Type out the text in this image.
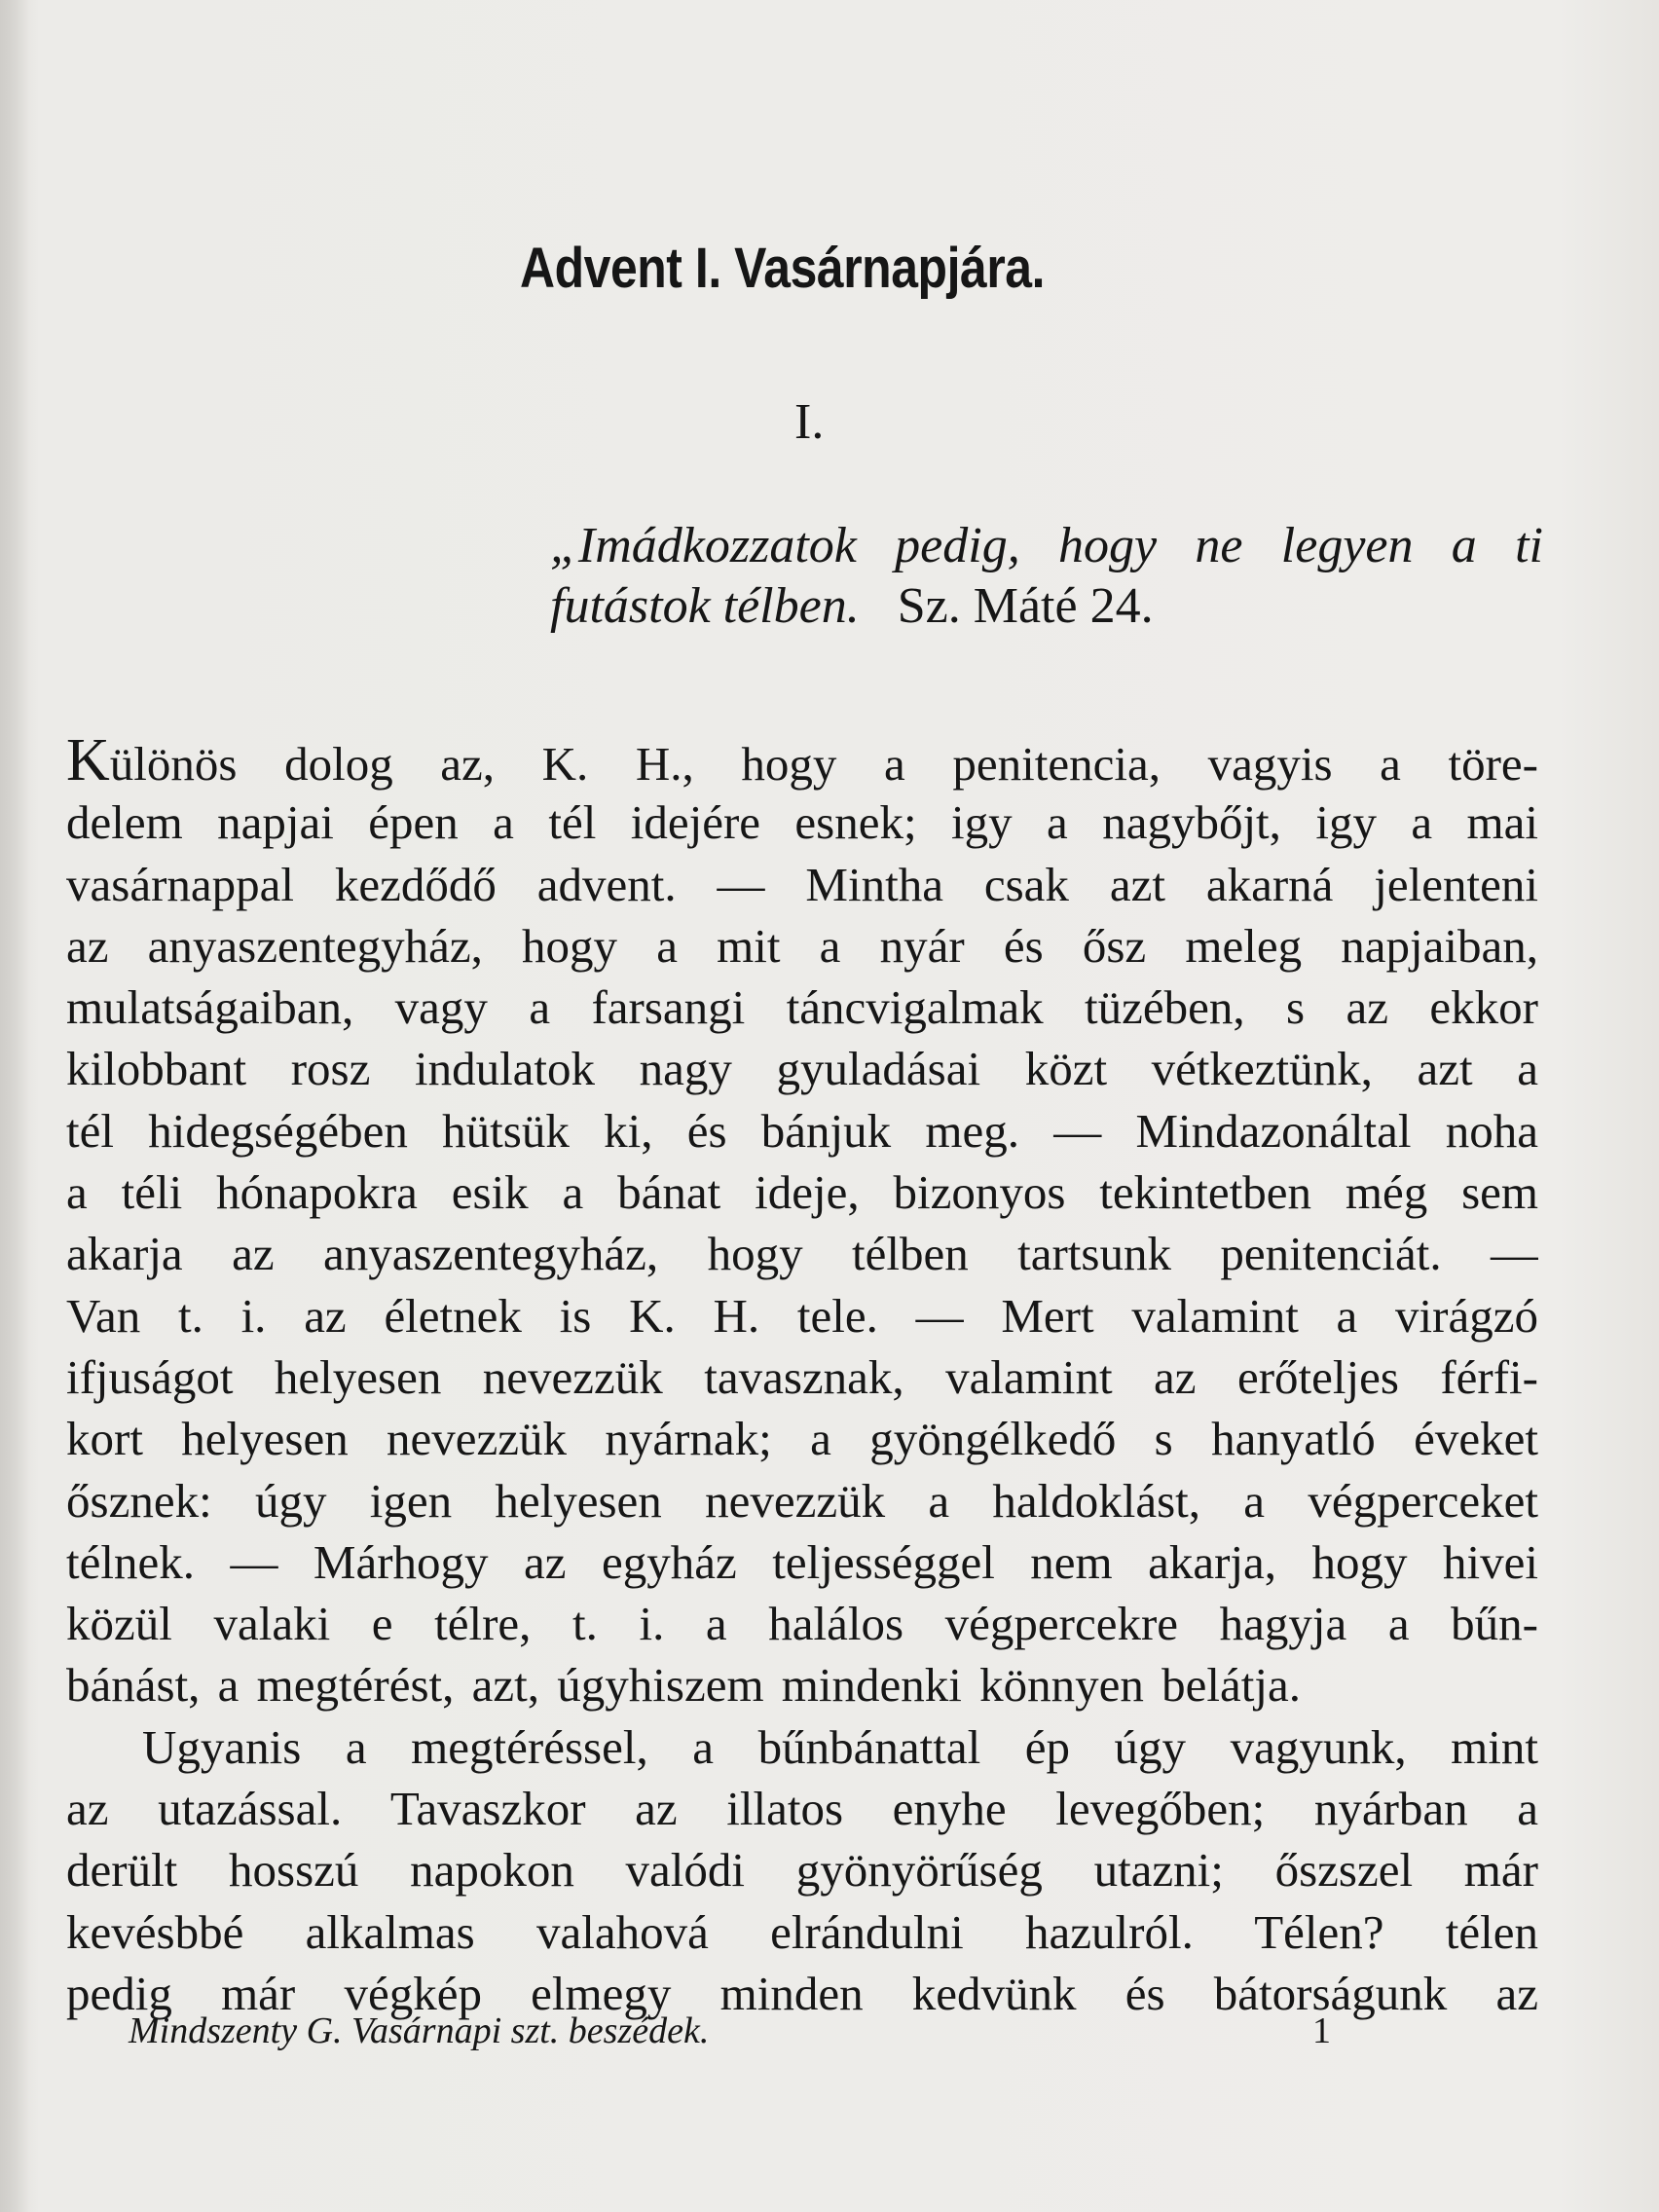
Advent I. Vasárnapjára.
I.
„Imádkozzatok pedig, hogy ne legyen a ti
futástok télben. Sz. Máté 24.
Különös dolog az, K. H., hogy a penitencia, vagyis a töre-
delem napjai épen a tél idejére esnek; igy a nagybőjt, igy a mai
vasárnappal kezdődő advent. — Mintha csak azt akarná jelenteni
az anyaszentegyház, hogy a mit a nyár és ősz meleg napjaiban,
mulatságaiban, vagy a farsangi táncvigalmak tüzében, s az ekkor
kilobbant rosz indulatok nagy gyuladásai közt vétkeztünk, azt a
tél hidegségében hütsük ki, és bánjuk meg. — Mindazonáltal noha
a téli hónapokra esik a bánat ideje, bizonyos tekintetben még sem
akarja az anyaszentegyház, hogy télben tartsunk penitenciát. —
Van t. i. az életnek is K. H. tele. — Mert valamint a virágzó
ifjuságot helyesen nevezzük tavasznak, valamint az erőteljes férfi-
kort helyesen nevezzük nyárnak; a gyöngélkedő s hanyatló éveket
ősznek: úgy igen helyesen nevezzük a haldoklást, a végperceket
télnek. — Márhogy az egyház teljességgel nem akarja, hogy hivei
közül valaki e télre, t. i. a halálos végpercekre hagyja a bűn-
bánást, a megtérést, azt, úgyhiszem mindenki könnyen belátja.
Ugyanis a megtéréssel, a bűnbánattal ép úgy vagyunk, mint
az utazással. Tavaszkor az illatos enyhe levegőben; nyárban a
derült hosszú napokon valódi gyönyörűség utazni; őszszel már
kevésbbé alkalmas valahová elrándulni hazulról. Télen? télen
pedig már végkép elmegy minden kedvünk és bátorságunk az
Mindszenty G. Vasárnapi szt. beszédek.	1
